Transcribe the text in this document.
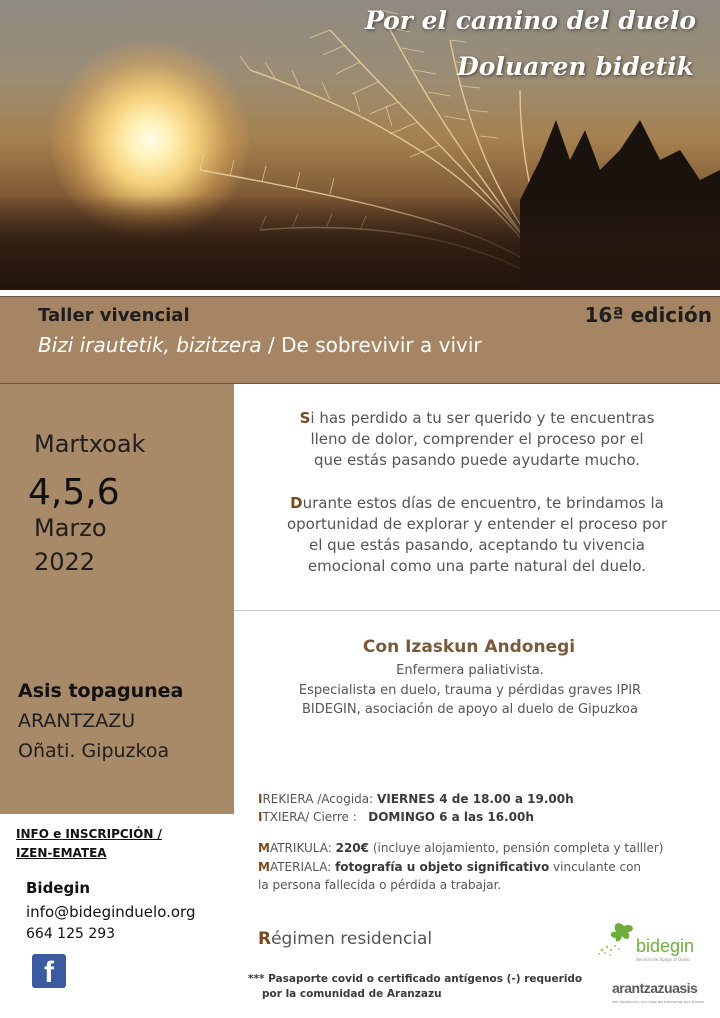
Por el camino del duelo
Doluaren bidetik
Taller vivencial	16ª edición
Bizi irautetik, bizitzera / De sobrevivir a vivir
Martxoak
4,5,6
Marzo
2022
Asis topagunea
ARANTZAZU
Oñati. Gipuzkoa
INFO e INSCRIPCIÓN /
IZEN-EMATEA
Bidegin
info@bideginduelo.org
664 125 293
f
Si has perdido a tu ser querido y te encuentras
lleno de dolor, comprender el proceso por el
que estás pasando puede ayudarte mucho.
Durante estos días de encuentro, te brindamos la
oportunidad de explorar y entender el proceso por
el que estás pasando, aceptando tu vivencia
emocional como una parte natural del duelo.
Con Izaskun Andonegi
Enfermera paliativista.
Especialista en duelo, trauma y pérdidas graves IPIR
BIDEGIN, asociación de apoyo al duelo de Gipuzkoa
IREKIERA /Acogida: VIERNES 4 de 18.00 a 19.00h
ITXIERA/ Cierre : DOMINGO 6 a las 16.00h
MATRIKULA: 220€ (incluye alojamiento, pensión completa y talller)
MATERIALA: fotografía u objeto significativo vinculante con
la persona fallecida o pérdida a trabajar.
Régimen residencial
*** Pasaporte covid o certificado antígenos (-) requerido
por la comunidad de Aranzazu
bidegin
Servicio de Apoyo al Duelo
arantzazuasis
asis topagunea, una casa para personas que buscan
